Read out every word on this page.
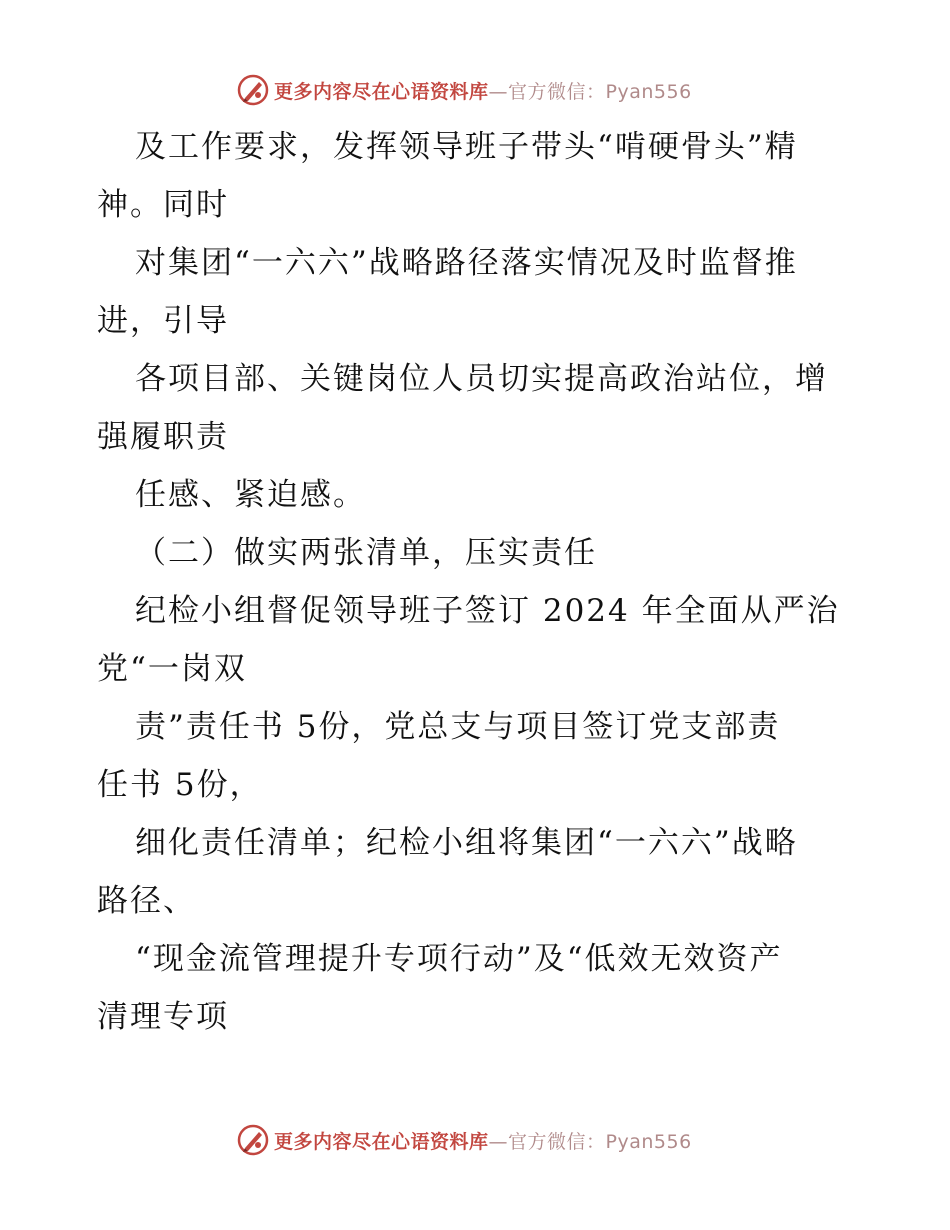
更多内容尽在心语资料库—官方微信：Pyan556
及工作要求，发挥领导班子带头“啃硬骨头”精
神。同时
对集团“一六六”战略路径落实情况及时监督推
进，引导
各项目部、关键岗位人员切实提高政治站位，增
强履职责
任感、紧迫感。
（二）做实两张清单，压实责任
纪检小组督促领导班子签订 2024 年全面从严治
党“一岗双
责”责任书 5份，党总支与项目签订党支部责
任书 5份，
细化责任清单；纪检小组将集团“一六六”战略
路径、
“现金流管理提升专项行动”及“低效无效资产
清理专项
更多内容尽在心语资料库—官方微信：Pyan556
